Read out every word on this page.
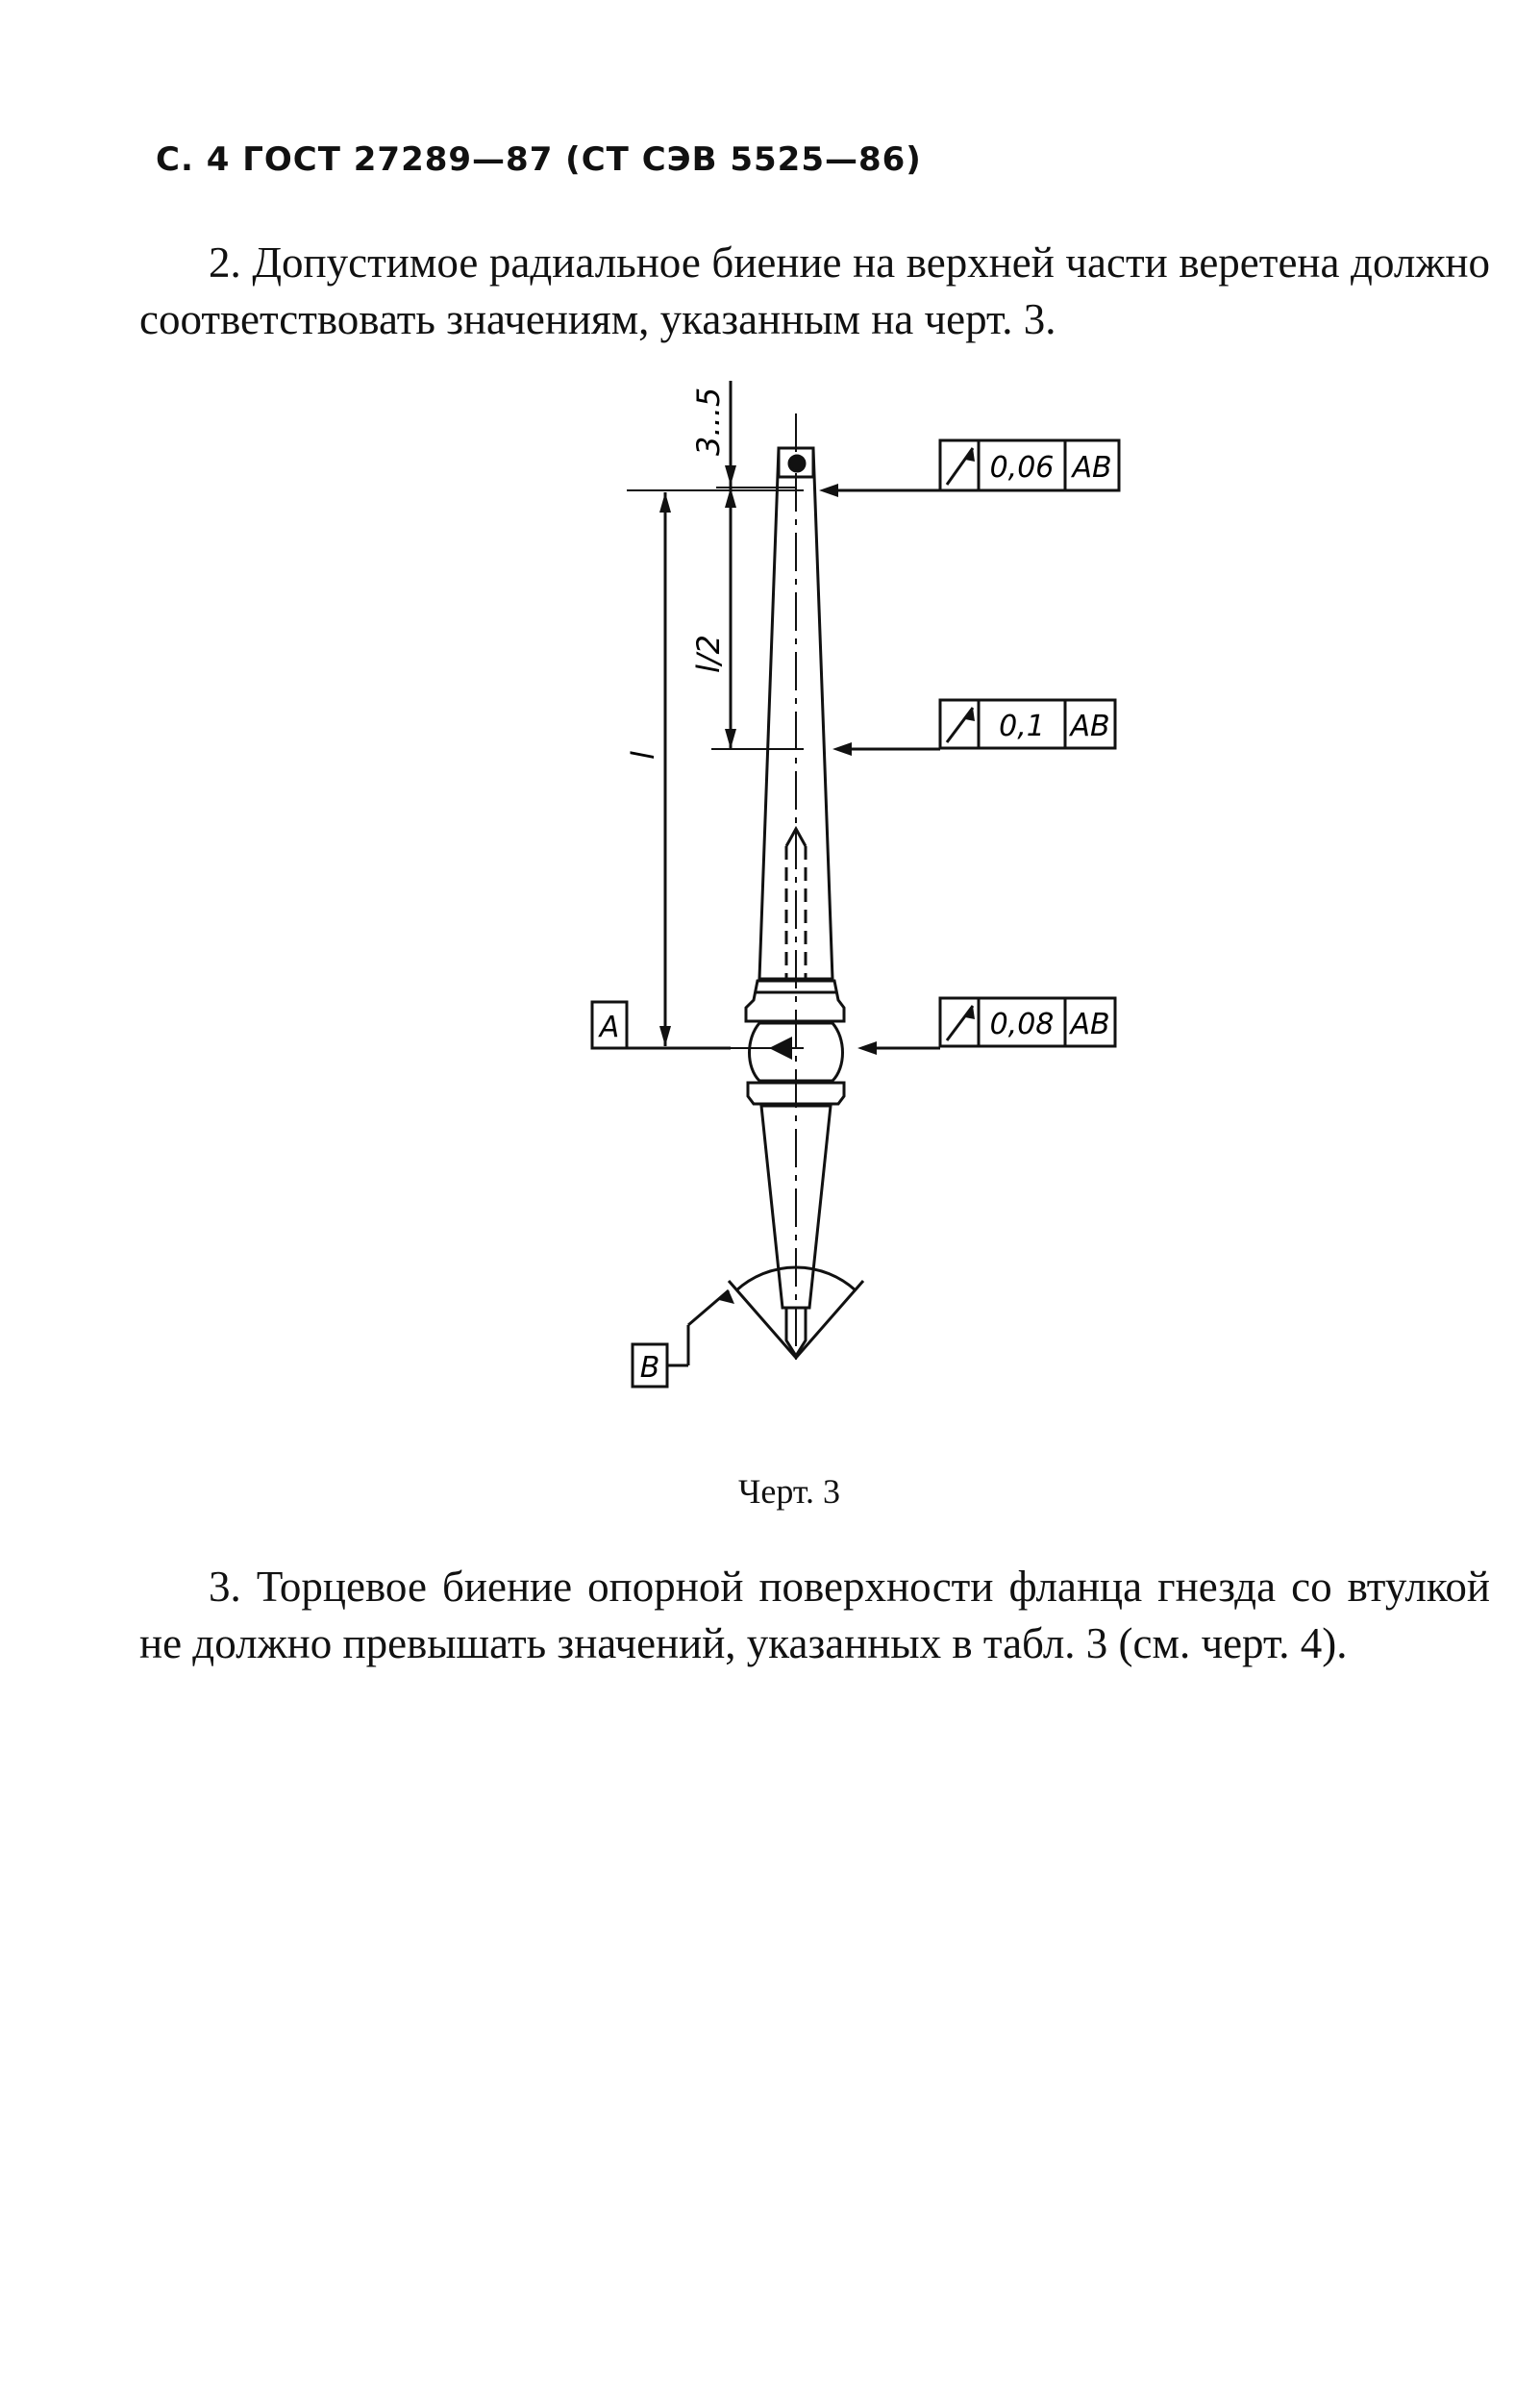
С. 4 ГОСТ 27289—87 (СТ СЭВ 5525—86)

2. Допустимое радиальное биение на верхней части веретена должно соответствовать значениям, указанным на черт. 3.

3...5
l/2
l
A
B
0,06 AB
0,1 AB
0,08 AB
Черт. 3

3. Торцевое биение опорной поверхности фланца гнезда со втулкой не должно превышать значений, указанных в табл. 3 (см. черт. 4).
